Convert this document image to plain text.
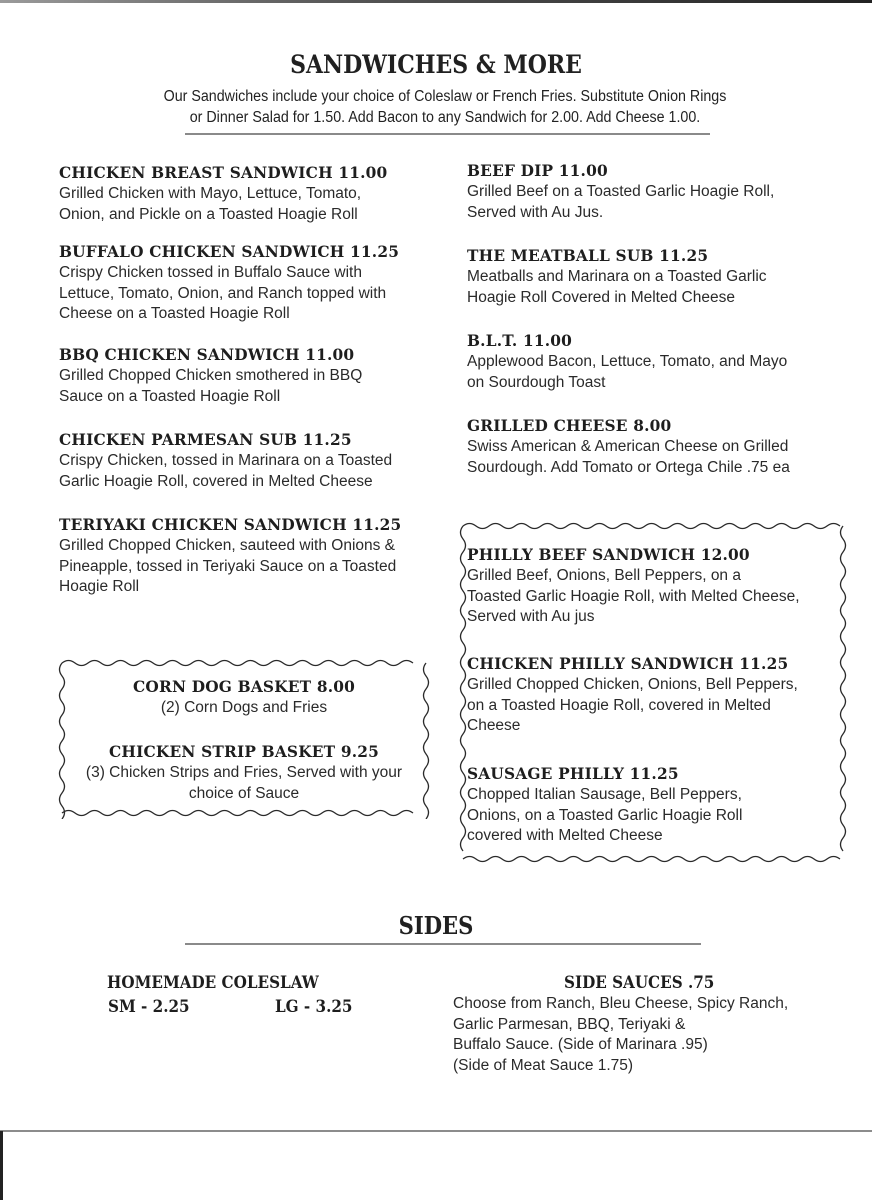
SANDWICHES & MORE
Our Sandwiches include your choice of Coleslaw or French Fries. Substitute Onion Rings
or Dinner Salad for 1.50. Add Bacon to any Sandwich for 2.00. Add Cheese 1.00.
CHICKEN BREAST SANDWICH 11.00
Grilled Chicken with Mayo, Lettuce, Tomato,
Onion, and Pickle on a Toasted Hoagie Roll
BUFFALO CHICKEN SANDWICH 11.25
Crispy Chicken tossed in Buffalo Sauce with
Lettuce, Tomato, Onion, and Ranch topped with
Cheese on a Toasted Hoagie Roll
BBQ CHICKEN SANDWICH 11.00
Grilled Chopped Chicken smothered in BBQ
Sauce on a Toasted Hoagie Roll
CHICKEN PARMESAN SUB 11.25
Crispy Chicken, tossed in Marinara on a Toasted
Garlic Hoagie Roll, covered in Melted Cheese
TERIYAKI CHICKEN SANDWICH 11.25
Grilled Chopped Chicken, sauteed with Onions &
Pineapple, tossed in Teriyaki Sauce on a Toasted
Hoagie Roll
BEEF DIP 11.00
Grilled Beef on a Toasted Garlic Hoagie Roll,
Served with Au Jus.
THE MEATBALL SUB 11.25
Meatballs and Marinara on a Toasted Garlic
Hoagie Roll Covered in Melted Cheese
B.L.T. 11.00
Applewood Bacon, Lettuce, Tomato, and Mayo
on Sourdough Toast
GRILLED CHEESE 8.00
Swiss American & American Cheese on Grilled
Sourdough. Add Tomato or Ortega Chile .75 ea
CORN DOG BASKET 8.00
(2) Corn Dogs and Fries
CHICKEN STRIP BASKET 9.25
(3) Chicken Strips and Fries, Served with your
choice of Sauce
PHILLY BEEF SANDWICH 12.00
Grilled Beef, Onions, Bell Peppers, on a
Toasted Garlic Hoagie Roll, with Melted Cheese,
Served with Au jus
CHICKEN PHILLY SANDWICH 11.25
Grilled Chopped Chicken, Onions, Bell Peppers,
on a Toasted Hoagie Roll, covered in Melted
Cheese
SAUSAGE PHILLY 11.25
Chopped Italian Sausage, Bell Peppers,
Onions, on a Toasted Garlic Hoagie Roll
covered with Melted Cheese
SIDES
HOMEMADE COLESLAW
SM - 2.25	LG - 3.25
SIDE SAUCES .75
Choose from Ranch, Bleu Cheese, Spicy Ranch,
Garlic Parmesan, BBQ, Teriyaki &
Buffalo Sauce. (Side of Marinara .95)
(Side of Meat Sauce 1.75)
